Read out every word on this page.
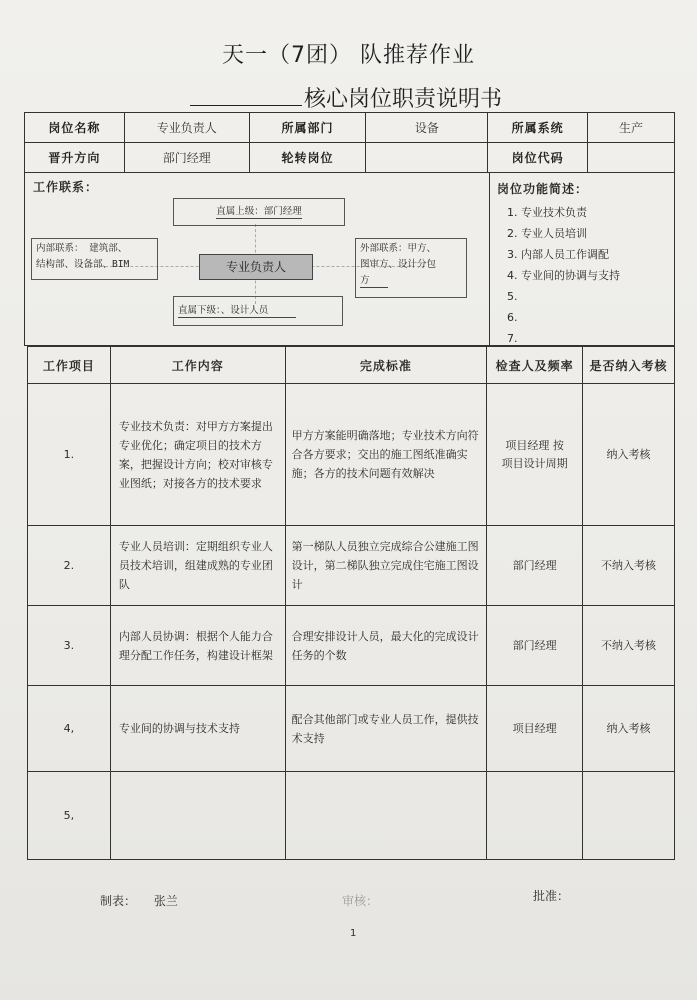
天一（7团） 队推荐作业
核心岗位职责说明书
岗位名称	专业负责人	所属部门	设备	所属系统	生产
晋升方向	部门经理	轮转岗位		岗位代码	
工作联系：
直属上级：部门经理
内部联系： 建筑部、
结构部、设备部、BIM	专业负责人
外部联系：甲方、
图审方、设计分包
方
直属下级：、设计人员
岗位功能简述：
1. 专业技术负责
2. 专业人员培训
3. 内部人员工作调配
4. 专业间的协调与支持
5.
6.
7.
工作项目	工作内容	完成标准	检查人及频率	是否纳入考核
1.	专业技术负责：对甲方方案提出专业优化；确定项目的技术方案，把握设计方向；校对审核专业图纸；对接各方的技术要求	甲方方案能明确落地；专业技术方向符合各方要求；交出的施工图纸准确实施；各方的技术问题有效解决	项目经理 按项目设计周期	纳入考核
2.	专业人员培训：定期组织专业人员技术培训，组建成熟的专业团队	第一梯队人员独立完成综合公建施工图设计，第二梯队独立完成住宅施工图设计	部门经理	不纳入考核
3.	内部人员协调：根据个人能力合理分配工作任务，构建设计框架	合理安排设计人员，最大化的完成设计任务的个数	部门经理	不纳入考核
4,	专业间的协调与技术支持	配合其他部门或专业人员工作，提供技术支持	项目经理	纳入考核
5,				
制表： 张兰	审核：	批准：
1
